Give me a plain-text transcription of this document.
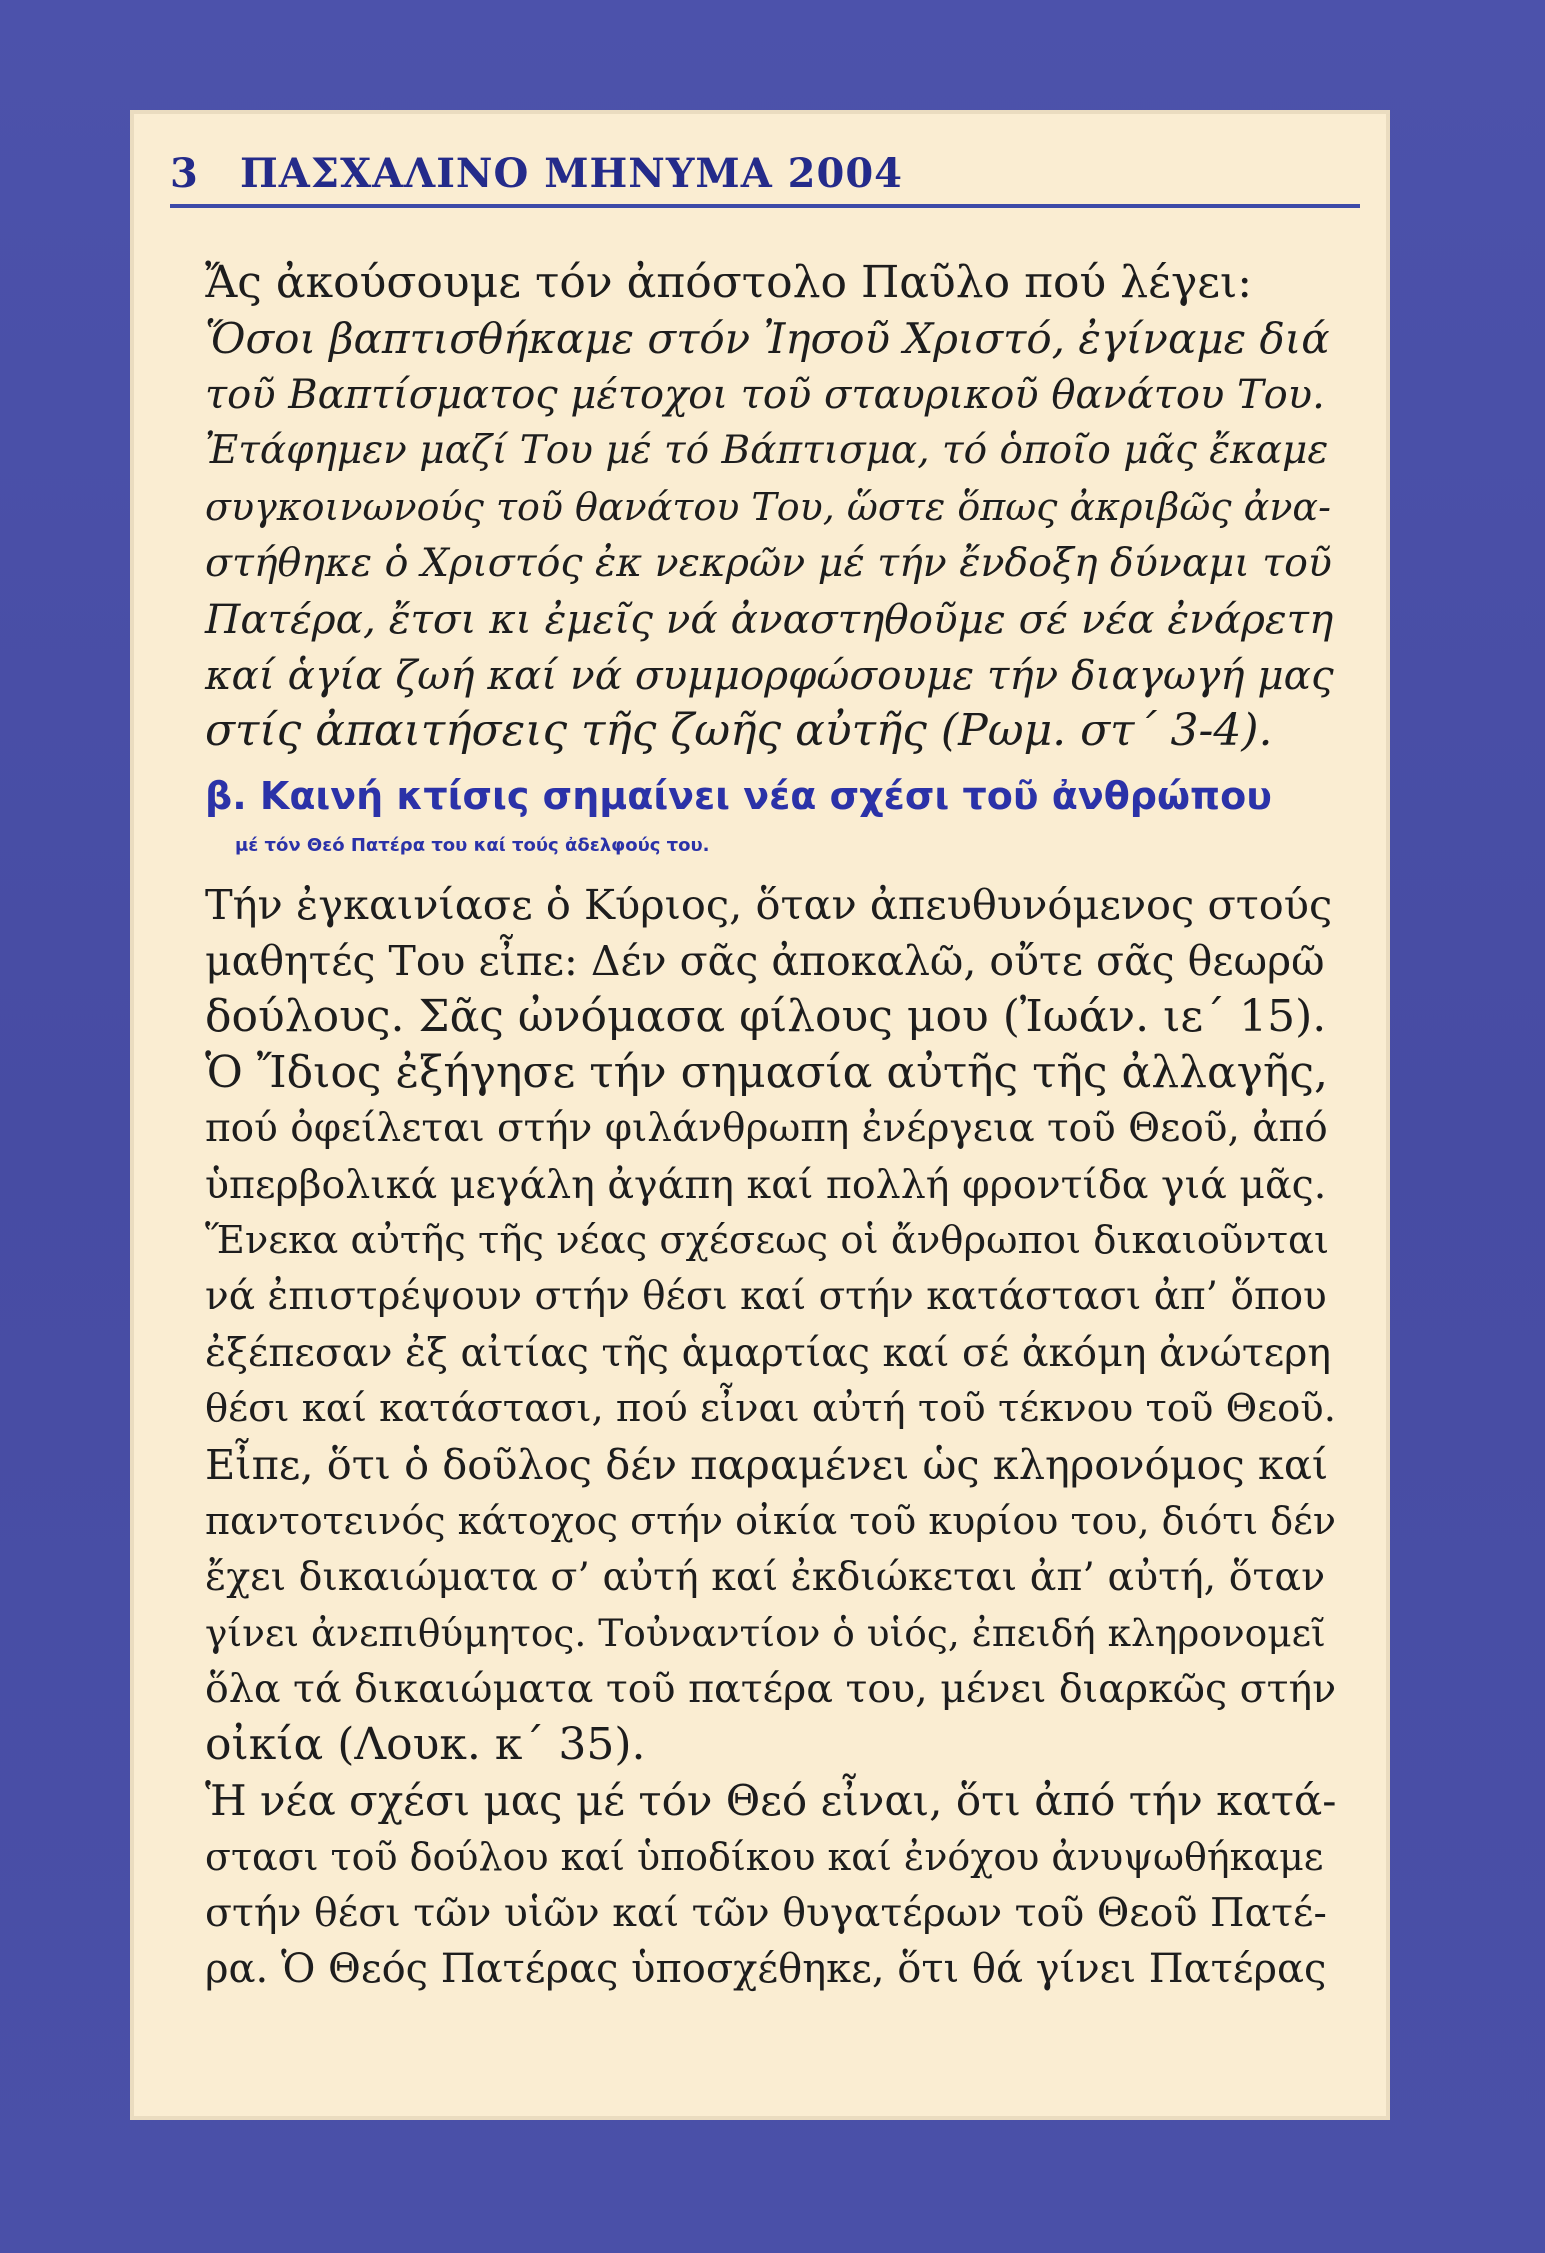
3 ΠΑΣΧΑΛΙΝΟ ΜΗΝΥΜΑ 2004
Ἄς ἀκούσουμε τόν ἀπόστολο Παῦλο πού λέγει:
Ὅσοι βαπτισθήκαμε στόν Ἰησοῦ Χριστό, ἐγίναμε διά
τοῦ Βαπτίσματος μέτοχοι τοῦ σταυρικοῦ θανάτου Του.
Ἐτάφημεν μαζί Του μέ τό Βάπτισμα, τό ὁποῖο μᾶς ἔκαμε
συγκοινωνούς τοῦ θανάτου Του, ὥστε ὅπως ἀκριβῶς ἀνα-
στήθηκε ὁ Χριστός ἐκ νεκρῶν μέ τήν ἔνδοξη δύναμι τοῦ
Πατέρα, ἔτσι κι ἐμεῖς νά ἀναστηθοῦμε σέ νέα ἐνάρετη
καί ἁγία ζωή καί νά συμμορφώσουμε τήν διαγωγή μας
στίς ἀπαιτήσεις τῆς ζωῆς αὐτῆς (Ρωμ. στ΄ 3-4).
β. Καινή κτίσις σημαίνει νέα σχέσι τοῦ ἀνθρώπου
μέ τόν Θεό Πατέρα του καί τούς ἀδελφούς του.
Τήν ἐγκαινίασε ὁ Κύριος, ὅταν ἀπευθυνόμενος στούς
μαθητές Του εἶπε: Δέν σᾶς ἀποκαλῶ, οὔτε σᾶς θεωρῶ
δούλους. Σᾶς ὠνόμασα φίλους μου (Ἰωάν. ιε΄ 15).
Ὁ Ἴδιος ἐξήγησε τήν σημασία αὐτῆς τῆς ἀλλαγῆς,
πού ὀφείλεται στήν φιλάνθρωπη ἐνέργεια τοῦ Θεοῦ, ἀπό
ὑπερβολικά μεγάλη ἀγάπη καί πολλή φροντίδα γιά μᾶς.
Ἕνεκα αὐτῆς τῆς νέας σχέσεως οἱ ἄνθρωποι δικαιοῦνται
νά ἐπιστρέψουν στήν θέσι καί στήν κατάστασι ἀπ’ ὅπου
ἐξέπεσαν ἐξ αἰτίας τῆς ἁμαρτίας καί σέ ἀκόμη ἀνώτερη
θέσι καί κατάστασι, πού εἶναι αὐτή τοῦ τέκνου τοῦ Θεοῦ.
Εἶπε, ὅτι ὁ δοῦλος δέν παραμένει ὡς κληρονόμος καί
παντοτεινός κάτοχος στήν οἰκία τοῦ κυρίου του, διότι δέν
ἔχει δικαιώματα σ’ αὐτή καί ἐκδιώκεται ἀπ’ αὐτή, ὅταν
γίνει ἀνεπιθύμητος. Τοὐναντίον ὁ υἱός, ἐπειδή κληρονομεῖ
ὅλα τά δικαιώματα τοῦ πατέρα του, μένει διαρκῶς στήν
οἰκία (Λουκ. κ΄ 35).
Ἡ νέα σχέσι μας μέ τόν Θεό εἶναι, ὅτι ἀπό τήν κατά-
στασι τοῦ δούλου καί ὑποδίκου καί ἐνόχου ἀνυψωθήκαμε
στήν θέσι τῶν υἱῶν καί τῶν θυγατέρων τοῦ Θεοῦ Πατέ-
ρα. Ὁ Θεός Πατέρας ὑποσχέθηκε, ὅτι θά γίνει Πατέρας
